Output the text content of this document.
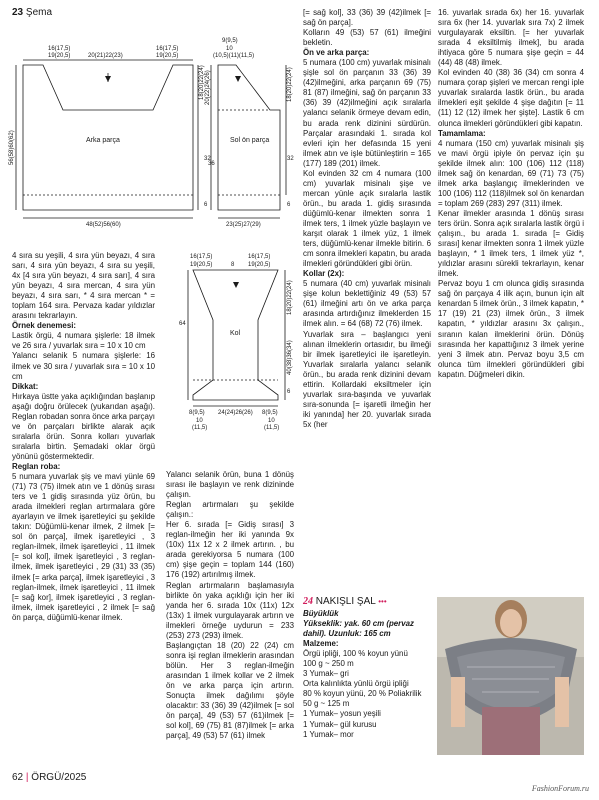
23 Şema
16(17,5)
19(20,5)	20(21)22(23)
16(17,5)
19(20,5)
18(20)22(24)
32
6
56(58)60(62)	Arka parça
48(52)56(60)
9(9,5)
10
(10,5)(11)(11,5)
20(22)24(26)
36
18(20)22(24)
32
6
Sol ön parça
23(25)27(29)
16(17,5)
19(20,5)	8
16(17,5)
19(20,5)
64
18(20)22(24)
40(38)36(34)
6
Kol
8(9,5)
10
(11,5)
24(24)26(26) 8(9,5)
10
(11,5)

4 sıra su yeşili, 4 sıra yün beyazı, 4 sıra sarı, 4 sıra yün beyazı, 4 sıra su yeşili, 4x [4 sıra yün beyazı, 4 sıra sarı], 4 sıra yün beyazı, 4 sıra mercan, 4 sıra yün beyazı, 4 sıra sarı, * 4 sıra mercan * = toplam 164 sıra. Pervaza kadar yıldızlar arasını tekrarlayın.

Örnek denemesi:

Lastik örgü, 4 numara şişlerle: 18 ilmek ve 26 sıra / yuvarlak sıra = 10 x 10 cm

Yalancı selanik 5 numara şişlerle: 16 ilmek ve 30 sıra / yuvarlak sıra = 10 x 10 cm

Dikkat:

Hırkaya üstte yaka açıklığından başlanıp aşağı doğru örülecek (yukarıdan aşağı). Reglan robadan sonra önce arka parçayı ve ön parçaları birlikte alarak açık sıralarla örün. Sonra kolları yuvarlak sıralarla birtin. Şemadaki oklar örgü yönünü göstermektedir.

Reglan roba:

5 numara yuvarlak şiş ve mavi yünle 69 (71) 73 (75) ilmek atın ve 1 dönüş sırası ters ve 1 gidiş sırasında yüz örün, bu arada ilmekleri reglan artırmalara göre ayarlayın ve ilmek işaretleyici şu şekilde takın: Düğümlü-kenar ilmek, 2 ilmek [= sol ön parça], ilmek işaretleyici , 3 reglan-ilmek, ilmek işaretleyici , 11 ilmek [= sol kol], ilmek işaretleyici , 3 reglan-ilmek, ilmek işaretleyici , 29 (31) 33 (35) ilmek [= arka parça], ilmek işaretleyici , 3 reglan-ilmek, ilmek işaretleyici , 11 ilmek [= sağ kor], ilmek işaretleyici , 3 reglan-ilmek, ilmek işaretleyici , 2 ilmek [= sağ ön parça, düğümlü-kenar ilmek.

Yalancı selanik örün, buna 1 dönüş sırası ile başlayın ve renk dizininde çalışın.

Reglan artırmaları şu şekilde çalışın.:

Her 6. sırada [= Gidiş sırası] 3 reglan-ilmeğin her iki yanında 9x (10x) 11x 12 x 2 ilmek artırın. , bu arada gerekiyorsa 5 numara (100 cm) şişe geçin = toplam 144 (160) 176 (192) artırılmış ilmek.

Reglan artırmaların başlamasıyla birlikte ön yaka açıklığı için her iki yanda her 6. sırada 10x (11x) 12x (13x) 1 ilmek vurgulayarak artırın ve ilmekleri örneğe uydurun = 233 (253) 273 (293) ilmek.

Başlangıçtan 18 (20) 22 (24) cm sonra işi reglan ilmeklerin arasından bölün. Her 3 reglan-ilmeğin arasından 1 ilmek kollar ve 2 ilmek ön ve arka parça için artırın. Sonuçta ilmek dağılımı şöyle olacaktır: 33 (36) 39 (42)ilmek [= sol ön parça], 49 (53) 57 (61)ilmek [= sol kol], 69 (75) 81 (87)ilmek [= arka parça], 49 (53) 57 (61) ilmek

[= sağ kol], 33 (36) 39 (42)ilmek [= sağ ön parça].

Kolların 49 (53) 57 (61) ilmeğini bekletin.

Ön ve arka parça:

5 numara (100 cm) yuvarlak misinalı şişle sol ön parçanın 33 (36) 39 (42)ilmeğini, arka parçanın 69 (75) 81 (87) ilmeğini, sağ ön parçanın 33 (36) 39 (42)ilmeğini açık sıralarla yalancı selanik örmeye devam edin, bu arada renk dizinini sürdürün. Parçalar arasındaki 1. sırada kol evleri için her defasında 15 yeni ilmek atın ve işle bütünleştirin = 165 (177) 189 (201) ilmek.

Kol evinden 32 cm 4 numara (100 cm) yuvarlak misinalı şişe ve mercan yünle açık sıralarla lastik örün., bu arada 1. gidiş sırasında düğümlü-kenar ilmekten sonra 1 ilmek ters, 1 ilmek yüzle başlayın ve karşıt olarak 1 ilmek yüz, 1 ilmek ters, düğümlü-kenar ilmekle bitirin. 6 cm sonra ilmekleri kapatın, bu arada ilmekleri göründükleri gibi örün.

Kollar (2x):

5 numara (40 cm) yuvarlak misinalı şişe kolun beklettiğiniz 49 (53) 57 (61) ilmeğini artı ön ve arka parça arasında artırdığınız ilmeklerden 15 ilmek alın. = 64 (68) 72 (76) ilmek.

Yuvarlak sıra – başlangıcı yeni alınan ilmeklerin ortasıdır, bu ilmeği bir ilmek işaretleyici ile işaretleyin. Yuvarlak sıralarla yalancı selanik örün., bu arada renk dizinini devam ettirin. Kollardaki eksiltmeler için yuvarlak sıra-başında ve yuvarlak sıra-sonunda [= işaretli ilmeğin her iki yanında] her 20. yuvarlak sırada 5x (her

16. yuvarlak sırada 6x) her 16. yuvarlak sıra 6x (her 14. yuvarlak sıra 7x) 2 ilmek vurgulayarak eksiltin. [= her yuvarlak sırada 4 eksiltilmiş ilmek], bu arada ihtiyaca göre 5 numara şişe geçin = 44 (44) 48 (48) ilmek.

Kol evinden 40 (38) 36 (34) cm sonra 4 numara çorap şişleri ve mercan rengi iple yuvarlak sıralarda lastik örün., bu arada ilmekleri eşit şekilde 4 şişe dağıtın [= 11 (11) 12 (12) ilmek her şişte]. Lastik 6 cm olunca ilmekleri göründükleri gibi kapatın.

Tamamlama:

4 numara (150 cm) yuvarlak misinalı şiş ve mavi örgü ipiyle ön pervaz için şu şekilde ilmek alın: 100 (106) 112 (118) ilmek sağ ön kenardan, 69 (71) 73 (75) ilmek arka başlangıç ilmeklerinden ve 100 (106) 112 (118)ilmek sol ön kenardan = toplam 269 (283) 297 (311) ilmek.

Kenar ilmekler arasında 1 dönüş sırası ters örün. Sonra açık sıralarla lastik örgü i çalışın., bu arada 1. sırada [= Gidiş sırası] kenar ilmekten sonra 1 ilmek yüzle başlayın, * 1 ilmek ters, 1 ilmek yüz *, yıldızlar arasını sürekli tekrarlayın, kenar ilmek.

Pervaz boyu 1 cm olunca gidiş sırasında sağ ön parçaya 4 ilik açın, bunun için alt kenardan 5 ilmek örün., 3 ilmek kapatın, * 17 (19) 21 (23) ilmek örün., 3 ilmek kapatın, * yıldızlar arasını 3x çalışın., sıranın kalan ilmeklerini örün. Dönüş sırasında her kapattığınız 3 ilmek yerine yeni 3 ilmek atın. Pervaz boyu 3,5 cm olunca tüm ilmekleri göründükleri gibi kapatın. Düğmeleri dikin.

24 NAKIŞLI ŞAL •••

Büyüklük

Yükseklik: yak. 60 cm (pervaz dahil). Uzunluk: 165 cm

Malzeme:

Örgü ipliği, 100 % koyun yünü

100 g ~ 250 m

3 Yumak– gri

Orta kalınlıkta yünlü örgü ipliği

80 % koyun yünü, 20 % Poliakrilik

50 g ~ 125 m

1 Yumak– yosun yeşili

1 Yumak– gül kurusu

1 Yumak– mor

62 | ÖRGÜ/2025
FashionForum.ru
